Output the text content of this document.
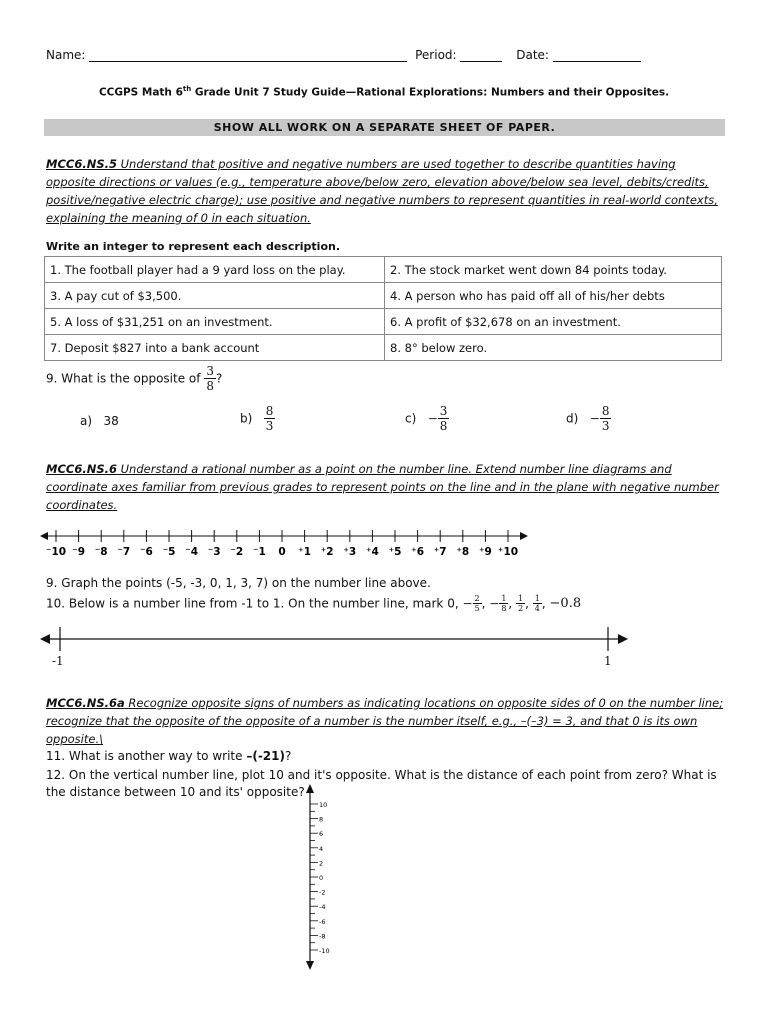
Name:	Period:	Date:
CCGPS Math 6th Grade Unit 7 Study Guide—Rational Explorations: Numbers and their Opposites.
SHOW ALL WORK ON A SEPARATE SHEET OF PAPER.
MCC6.NS.5 Understand that positive and negative numbers are used together to describe quantities having opposite directions or values (e.g., temperature above/below zero, elevation above/below sea level, debits/credits, positive/negative electric charge); use positive and negative numbers to represent quantities in real-world contexts, explaining the meaning of 0 in each situation.
Write an integer to represent each description.
1. The football player had a 9 yard loss on the play.	2. The stock market went down 84 points today.
3. A pay cut of $3,500.	4. A person who has paid off all of his/her debts
5. A loss of $31,251 on an investment.	6. A profit of $32,678 on an investment.
7. Deposit $827 into a bank account	8. 8° below zero.
9. What is the opposite of $\frac{3}{8}$ ?
a) 38	$b) \frac{8}{3}$	$c) - \frac{3}{8}$	$d) - \frac{8}{3}$
MCC6.NS.6 Understand a rational number as a point on the number line. Extend number line diagrams and coordinate axes familiar from previous grades to represent points on the line and in the plane with negative number coordinates.
⁻10 ⁻9 ⁻8 ⁻7 ⁻6 ⁻5 ⁻4 ⁻3 ⁻2 ⁻1 0 ⁺1 ⁺2 ⁺3 ⁺4 ⁺5 ⁺6 ⁺7 ⁺8 ⁺9 ⁺10
9. Graph the points (-5, -3, 0, 1, 3, 7) on the number line above.
10. Below is a number line from -1 to 1. On the number line, mark 0, − $\frac{2}{5}$ , − $\frac{1}{8}$ , $\frac{1}{2}$ , $\frac{1}{4}$ , −0.8
-1	1
MCC6.NS.6a Recognize opposite signs of numbers as indicating locations on opposite sides of 0 on the number line; recognize that the opposite of the opposite of a number is the number itself, e.g., –(–3) = 3, and that 0 is its own opposite.\
11. What is another way to write –(-21)?
12. On the vertical number line, plot 10 and it's opposite. What is the distance of each point from zero? What is the distance between 10 and its' opposite?
10
8
6
4
2
0
-2
-4
-6
-8
-10
